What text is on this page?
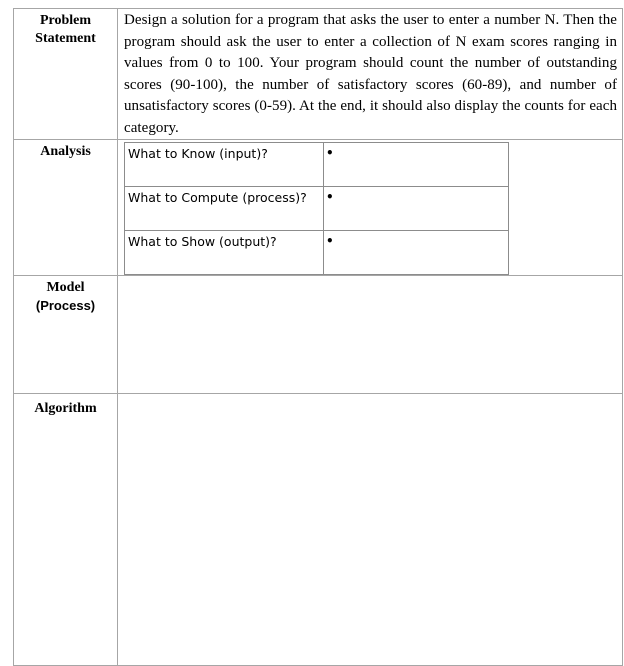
Problem
Statement
	Design a solution for a program that asks the user to enter a number N. Then the program should ask the user to enter a collection of N exam scores ranging in values from 0 to 100. Your program should count the number of outstanding scores (90-100), the number of satisfactory scores (60-89), and number of unsatisfactory scores (0-59). At the end, it should also display the counts for each category.

Analysis
		What to Know (input)?	•

What to Compute (process)?	•

What to Show (output)?	•

Model
(Process)

Algorithm
